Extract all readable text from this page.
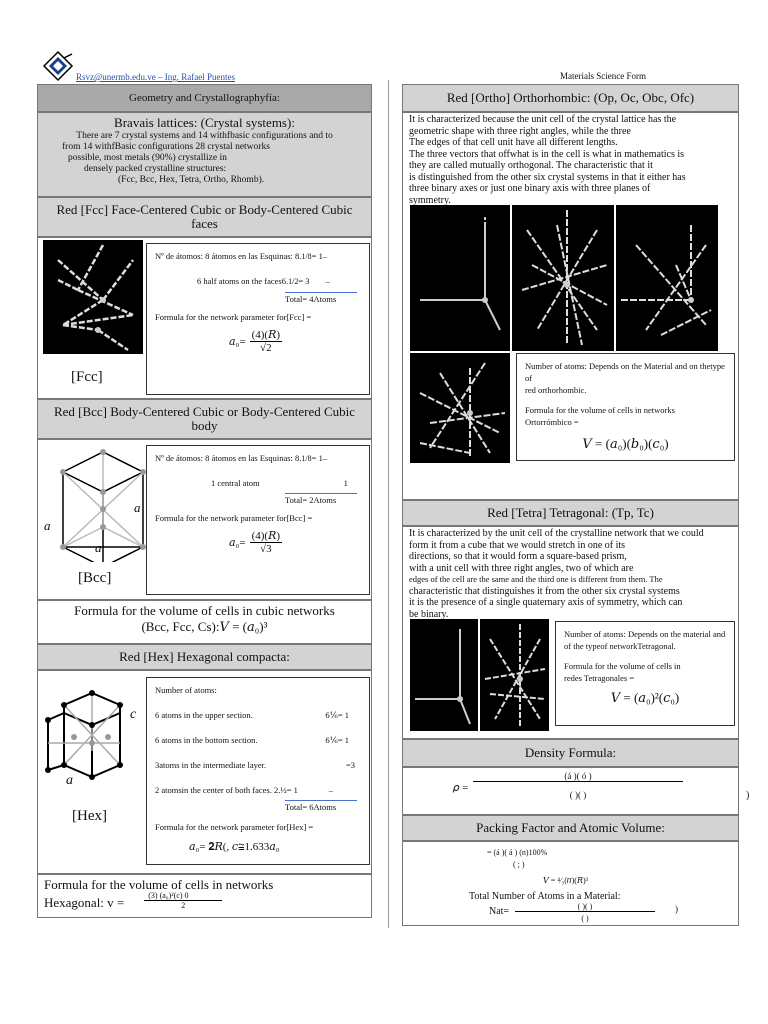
Rsvz@unermb.edu.ve – Ing. Rafael Puentes	Materials Science Form
Geometry and Crystallographyfía:
Bravais lattices: (Crystal systems):
There are 7 crystal systems and 14 withfbasic configurations and to
from 14 withfBasic configurations 28 crystal networks
possible, most metals (90%) crystallize in
densely packed crystalline structures:
(Fcc, Bcc, Hex, Tetra, Ortho, Rhomb).
Red [Fcc] Face-Centered Cubic or Body-Centered Cubic faces
[Fcc]
Nº de átomos: 8 átomos en las Esquinas: 8.1/8= 1–
6 half atoms on the faces6.1/2= 3 –
Total= 4Atoms
Formula for the network parameter for[Fcc] =
𝑎₀=
(4)(𝑅)
√2
Red [Bcc] Body-Centered Cubic or Body-Centered Cubic body
a
a
a
[Bcc]
Nº de átomos: 8 átomos en las Esquinas: 8.1/8= 1–
1 central atom	1
Total= 2Atoms
Formula for the network parameter for[Bcc] =
𝑎₀=
(4)(𝑅)
√3
Formula for the volume of cells in cubic networks
(Bcc, Fcc, Cs):𝑉 = (𝑎₀)³
Red [Hex] Hexagonal compacta:
c
a
[Hex]
Number of atoms:
6 atoms in the upper section.	6⅙= 1
6 atoms in the bottom section.	6⅙= 1
3atoms in the intermediate layer.	=3
2 atomsin the center of both faces. 2.½= 1	–
Total= 6Atoms
Formula for the network parameter for[Hex] =
𝑎₀= 𝟐𝑅(, 𝑐≅1.633𝑎₀
Formula for the volume of cells in networks
Hexagonal: v =	$\frac{\text{(3) (a₀)²(c) 0}}{2}$
Red [Ortho] Orthorhombic: (Op, Oc, Obc, Ofc)
It is characterized because the unit cell of the crystal lattice has the
geometric shape with three right angles, while the three
The edges of that cell unit have all different lengths.
The three vectors that offwhat is in the cell is what in mathematics is
they are called mutually orthogonal. The characteristic that it
is distinguished from the other six crystal systems in that it either has
three binary axes or just one binary axis with three planes of
symmetry.
Number of atoms: Depends on the Material and on thetype of
red orthorhombic.
Formula for the volume of cells in networks
Ortorrómbico =
𝑉 = (𝑎₀)(𝑏₀)(𝑐₀)
Red [Tetra] Tetragonal: (Tp, Tc)
It is characterized by the unit cell of the crystalline network that we could
form it from a cube that we would stretch in one of its
directions, so that it would form a square-based prism,
with a unit cell with three right angles, two of which are
edges of the cell are the same and the third one is different from them. The
characteristic that distinguishes it from the other six crystal systems
it is the presence of a single quaternary axis of symmetry, which can
be binary.
Number of atoms: Depends on the material and
of the typeof networkTetragonal.
Formula for the volume of cells in
redes Tetragonales =
𝑉 = (𝑎₀)²(𝑐₀)
Density Formula:
𝜌 =
(á )( ó )
( )( )	)
Packing Factor and Atomic Volume:
= (á )( á ) (n)100%
( ; )
𝑉 = ⁴⁄₃(𝜋)(𝑅)³
Total Number of Atoms in a Material:
Nat=	( )( )
( )
)
